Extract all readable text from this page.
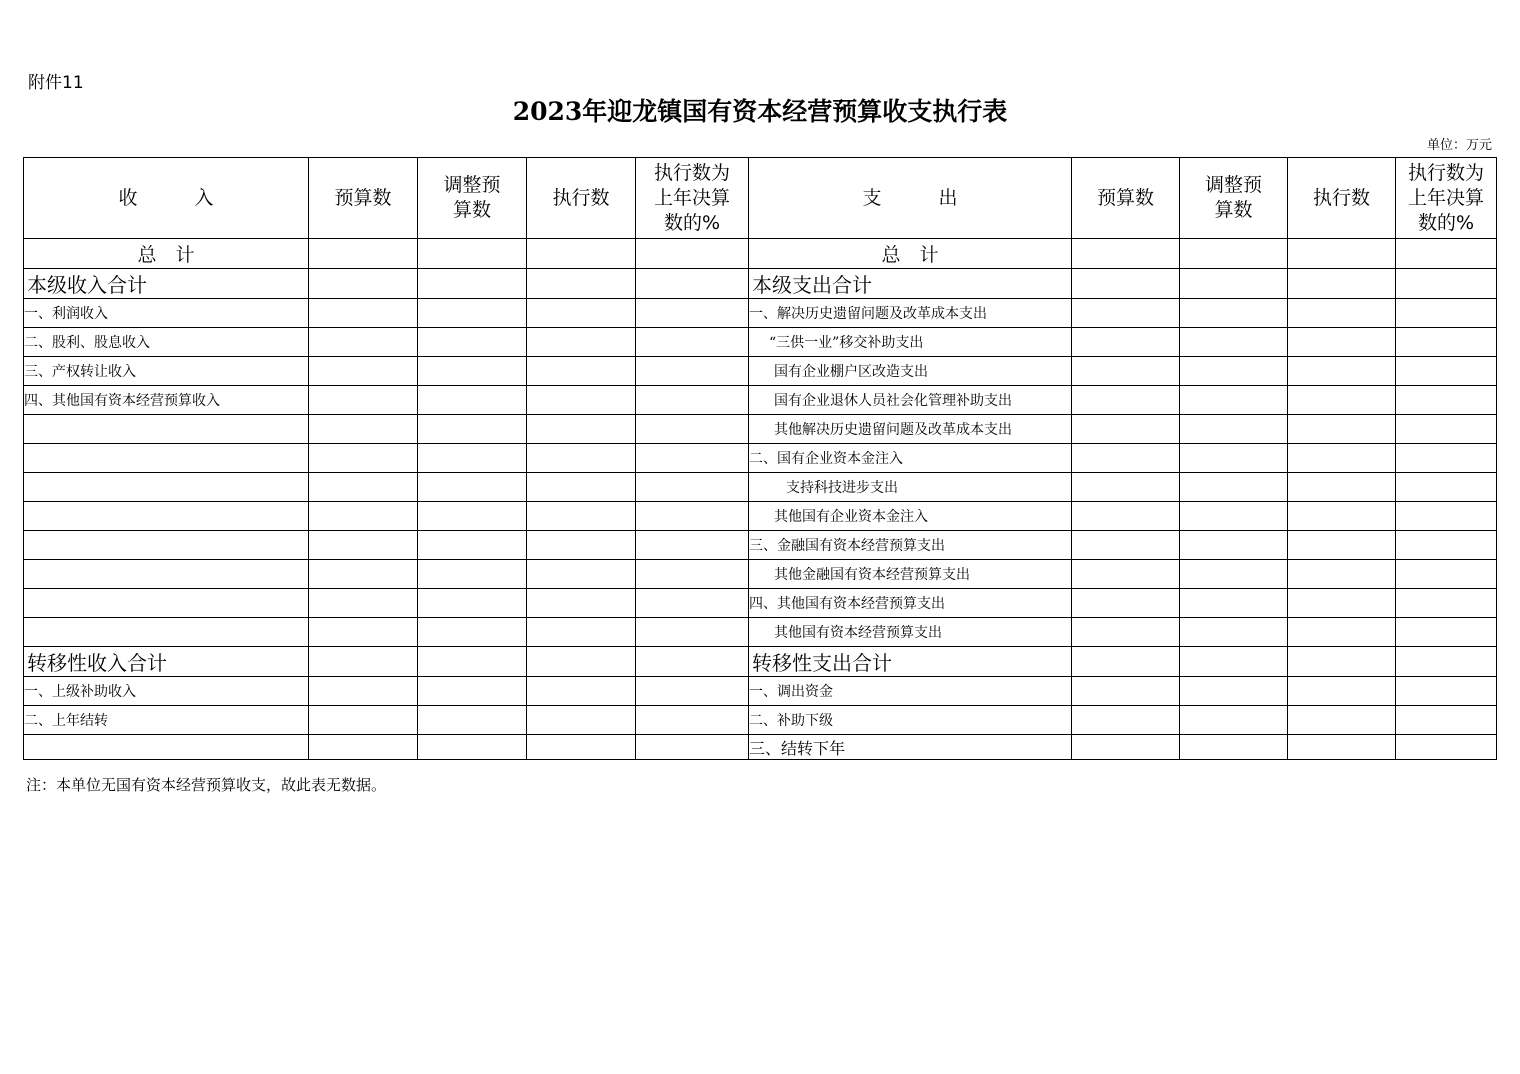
附件11
2023年迎龙镇国有资本经营预算收支执行表
单位：万元
收　　　入	预算数	调整预算数	执行数	执行数为上年决算数的%	支　　　出	预算数	调整预算数	执行数	执行数为上年决算数的%
总　计					总　计				
本级收入合计					本级支出合计				
一、利润收入					一、解决历史遗留问题及改革成本支出				
二、股利、股息收入					“三供一业”移交补助支出				
三、产权转让收入					国有企业棚户区改造支出				
四、其他国有资本经营预算收入					国有企业退休人员社会化管理补助支出				
					其他解决历史遗留问题及改革成本支出				
					二、国有企业资本金注入				
					支持科技进步支出				
					其他国有企业资本金注入				
					三、金融国有资本经营预算支出				
					其他金融国有资本经营预算支出				
					四、其他国有资本经营预算支出				
					其他国有资本经营预算支出				
转移性收入合计					转移性支出合计				
一、上级补助收入					一、调出资金				
二、上年结转					二、补助下级				
					三、结转下年				
注：本单位无国有资本经营预算收支，故此表无数据。
